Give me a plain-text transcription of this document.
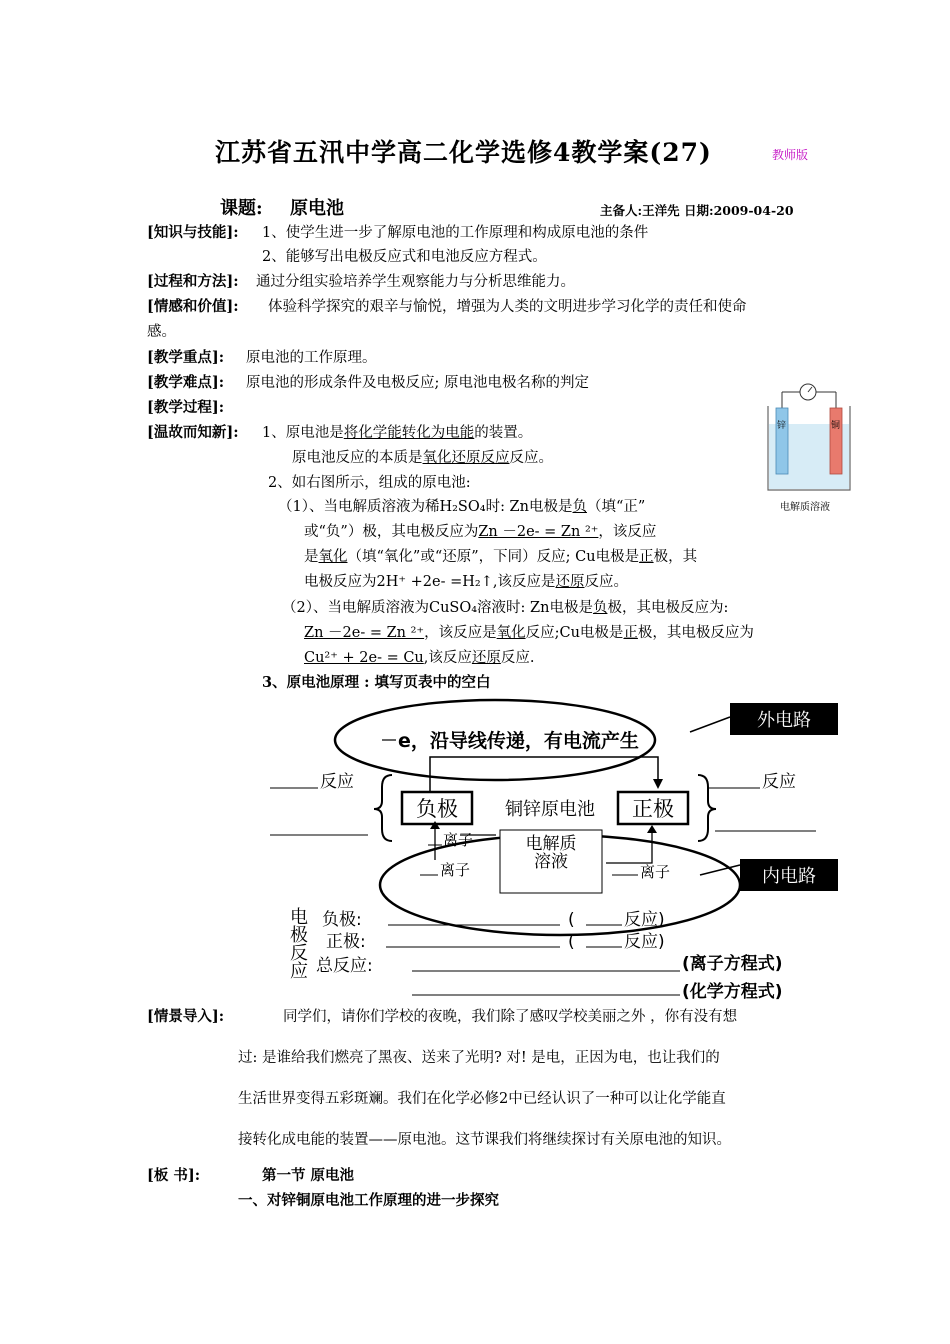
江苏省五汛中学高二化学选修4教学案(27)	教师版
课题: 原电池	主备人:王洋先 日期:2009-04-20
[知识与技能]: 1、使学生进一步了解原电池的工作原理和构成原电池的条件
2、能够写出电极反应式和电池反应方程式。
[过程和方法]: 通过分组实验培养学生观察能力与分析思维能力。
[情感和价值]: 体验科学探究的艰辛与愉悦，增强为人类的文明进步学习化学的责任和使命
感。
[教学重点]: 原电池的工作原理。
[教学难点]: 原电池的形成条件及电极反应; 原电池电极名称的判定
[教学过程]:
[温故而知新]: 1、原电池是将化学能转化为电能的装置。
原电池反应的本质是氧化还原反应反应。
2、如右图所示，组成的原电池:
（1）、当电解质溶液为稀H₂SO₄时: Zn电极是负（填“正”
或“负”）极，其电极反应为Zn －2e- = Zn ²⁺，该反应
是氧化（填“氧化”或“还原”，下同）反应; Cu电极是正极，其
电极反应为2H⁺ +2e- =H₂↑,该反应是还原反应。
（2）、当电解质溶液为CuSO₄溶液时: Zn电极是负极，其电极反应为:
Zn －2e- = Zn ²⁺，该反应是氧化反应;Cu电极是正极，其电极反应为
Cu²⁺ + 2e- = Cu,该反应还原反应.
3、原电池原理 : 填写页表中的空白
锌	铜
电解质溶液
e，沿导线传递，有电流产生
外电路
反应	反应
负极	铜锌原电池 正极
电解质
溶液
离子
离子	离子	内电路
电
极
反
应
负极:	(	反应)
正极:	(	反应)
总反应:	(离子方程式)
(化学方程式)
[情景导入]:	同学们，请你们学校的夜晚，我们除了感叹学校美丽之外 ，你有没有想
过: 是谁给我们燃亮了黑夜、送来了光明? 对! 是电，正因为电，也让我们的
生活世界变得五彩斑斓。我们在化学必修2中已经认识了一种可以让化学能直
接转化成电能的装置——原电池。这节课我们将继续探讨有关原电池的知识。
[板 书]:	第一节 原电池
一、对锌铜原电池工作原理的进一步探究
